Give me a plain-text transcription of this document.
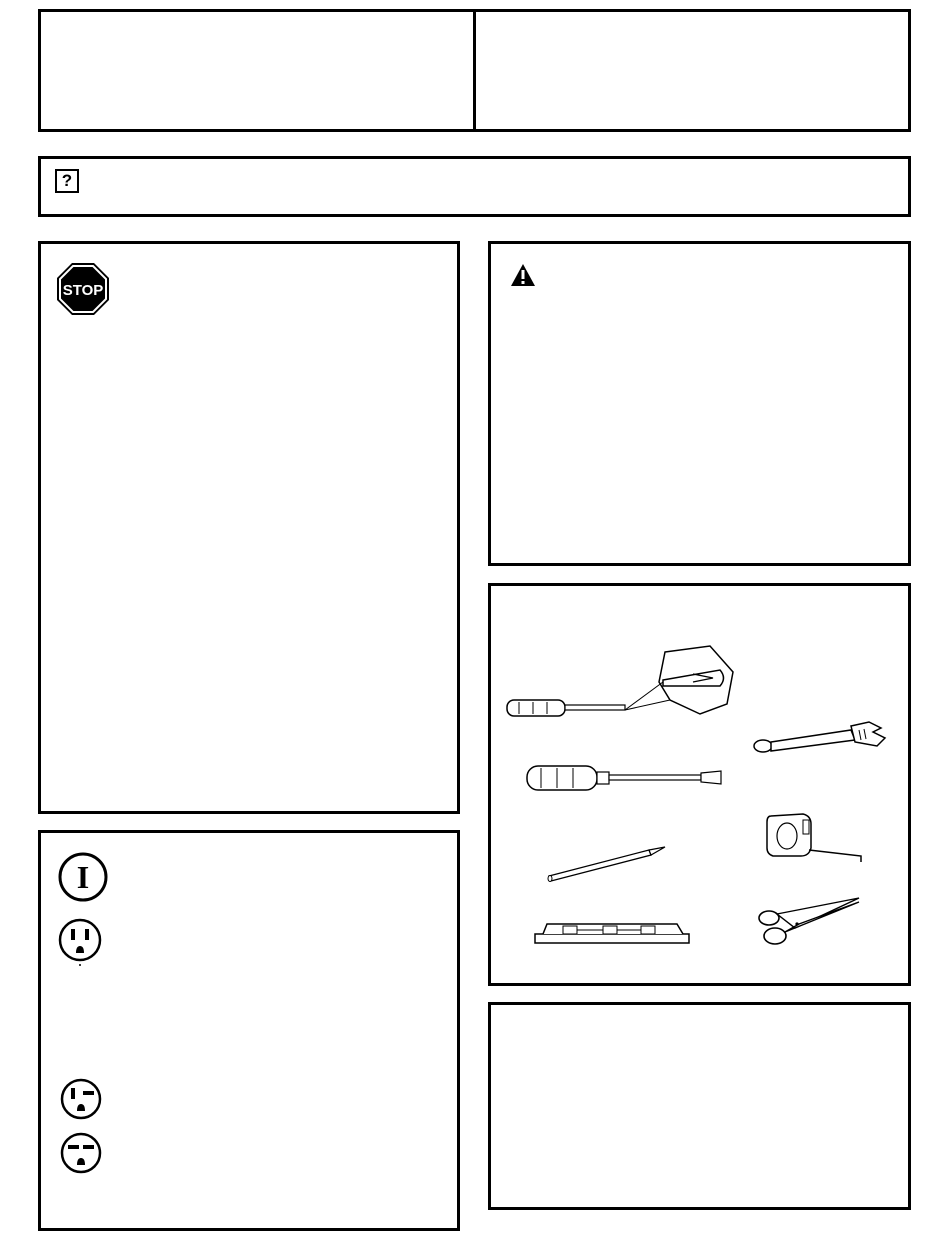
?
STOP
I
